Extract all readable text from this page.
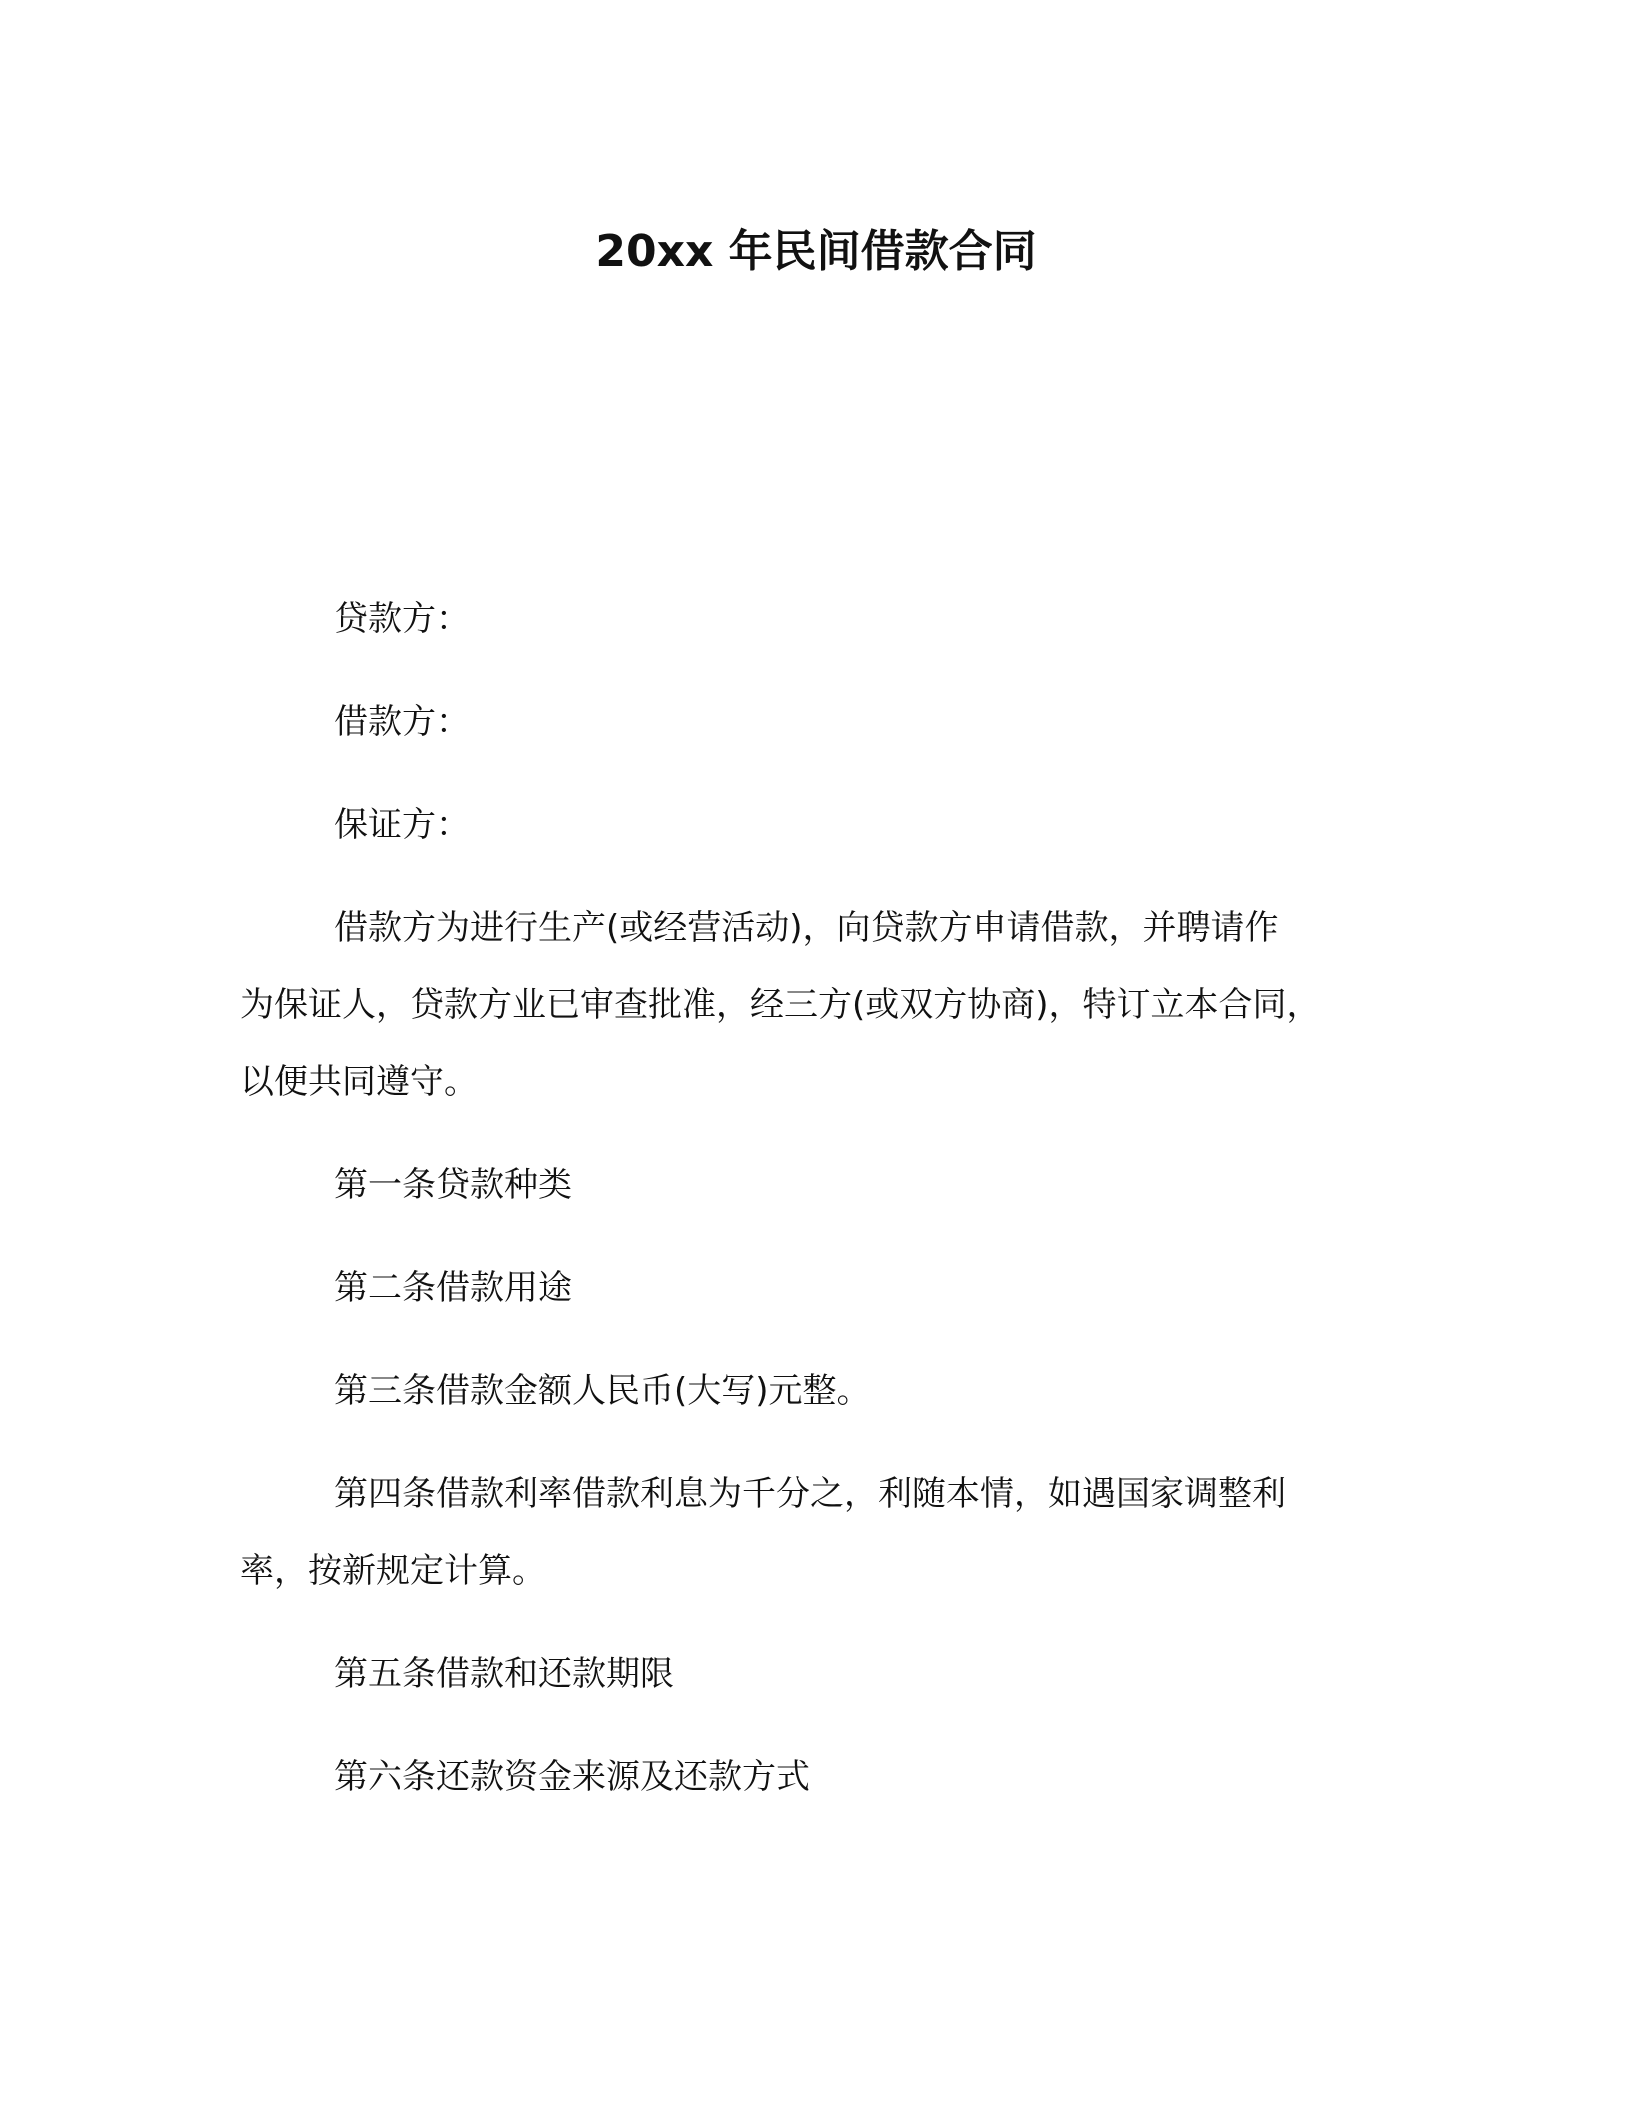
20xx 年民间借款合同
贷款方：
借款方：
保证方：
借款方为进行生产(或经营活动)，向贷款方申请借款，并聘请作
为保证人，贷款方业已审查批准，经三方(或双方协商)，特订立本合同，
以便共同遵守。
第一条贷款种类
第二条借款用途
第三条借款金额人民币(大写)元整。
第四条借款利率借款利息为千分之，利随本情，如遇国家调整利
率，按新规定计算。
第五条借款和还款期限
第六条还款资金来源及还款方式
